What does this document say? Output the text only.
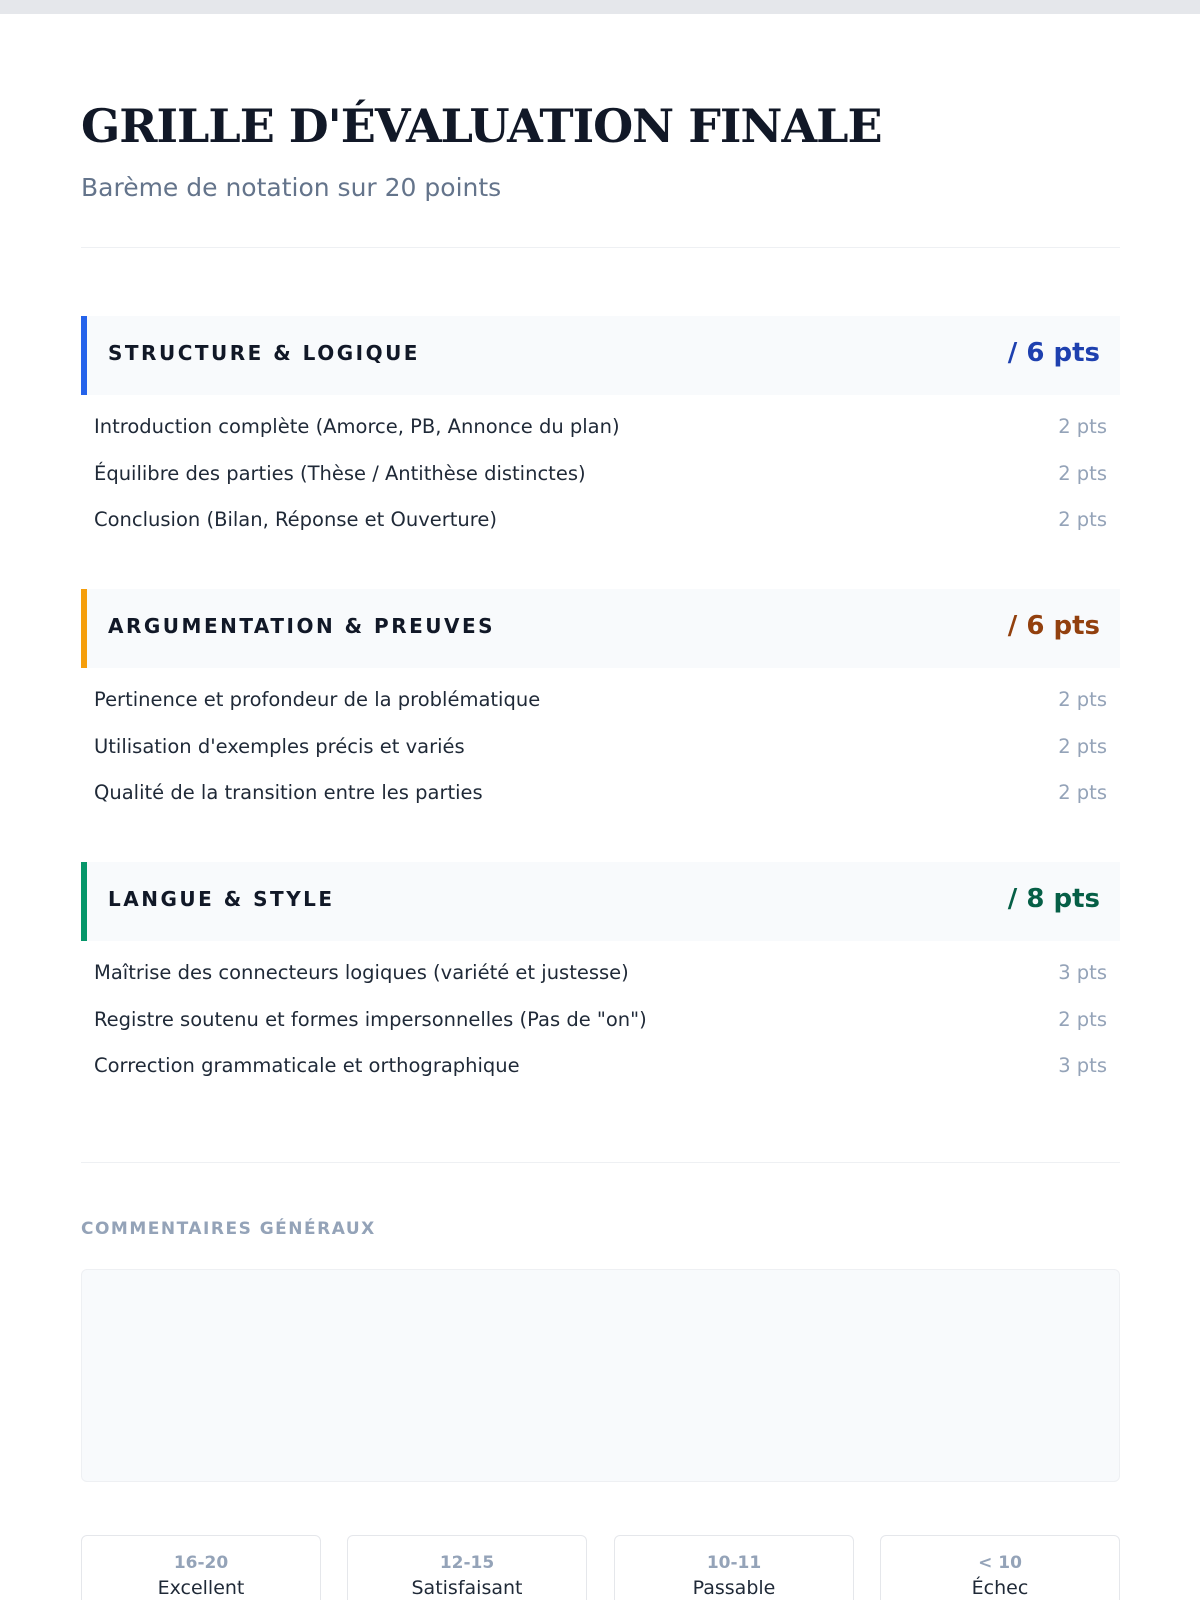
GRILLE D'ÉVALUATION FINALE
Barème de notation sur 20 points
STRUCTURE & LOGIQUE	/ 6 pts
Introduction complète (Amorce, PB, Annonce du plan)	2 pts
Équilibre des parties (Thèse / Antithèse distinctes)	2 pts
Conclusion (Bilan, Réponse et Ouverture)	2 pts
ARGUMENTATION & PREUVES	/ 6 pts
Pertinence et profondeur de la problématique	2 pts
Utilisation d'exemples précis et variés	2 pts
Qualité de la transition entre les parties	2 pts
LANGUE & STYLE	/ 8 pts
Maîtrise des connecteurs logiques (variété et justesse)	3 pts
Registre soutenu et formes impersonnelles (Pas de "on")	2 pts
Correction grammaticale et orthographique	3 pts
COMMENTAIRES GÉNÉRAUX
16-20
Excellent
12-15
Satisfaisant
10-11
Passable
< 10
Échec
